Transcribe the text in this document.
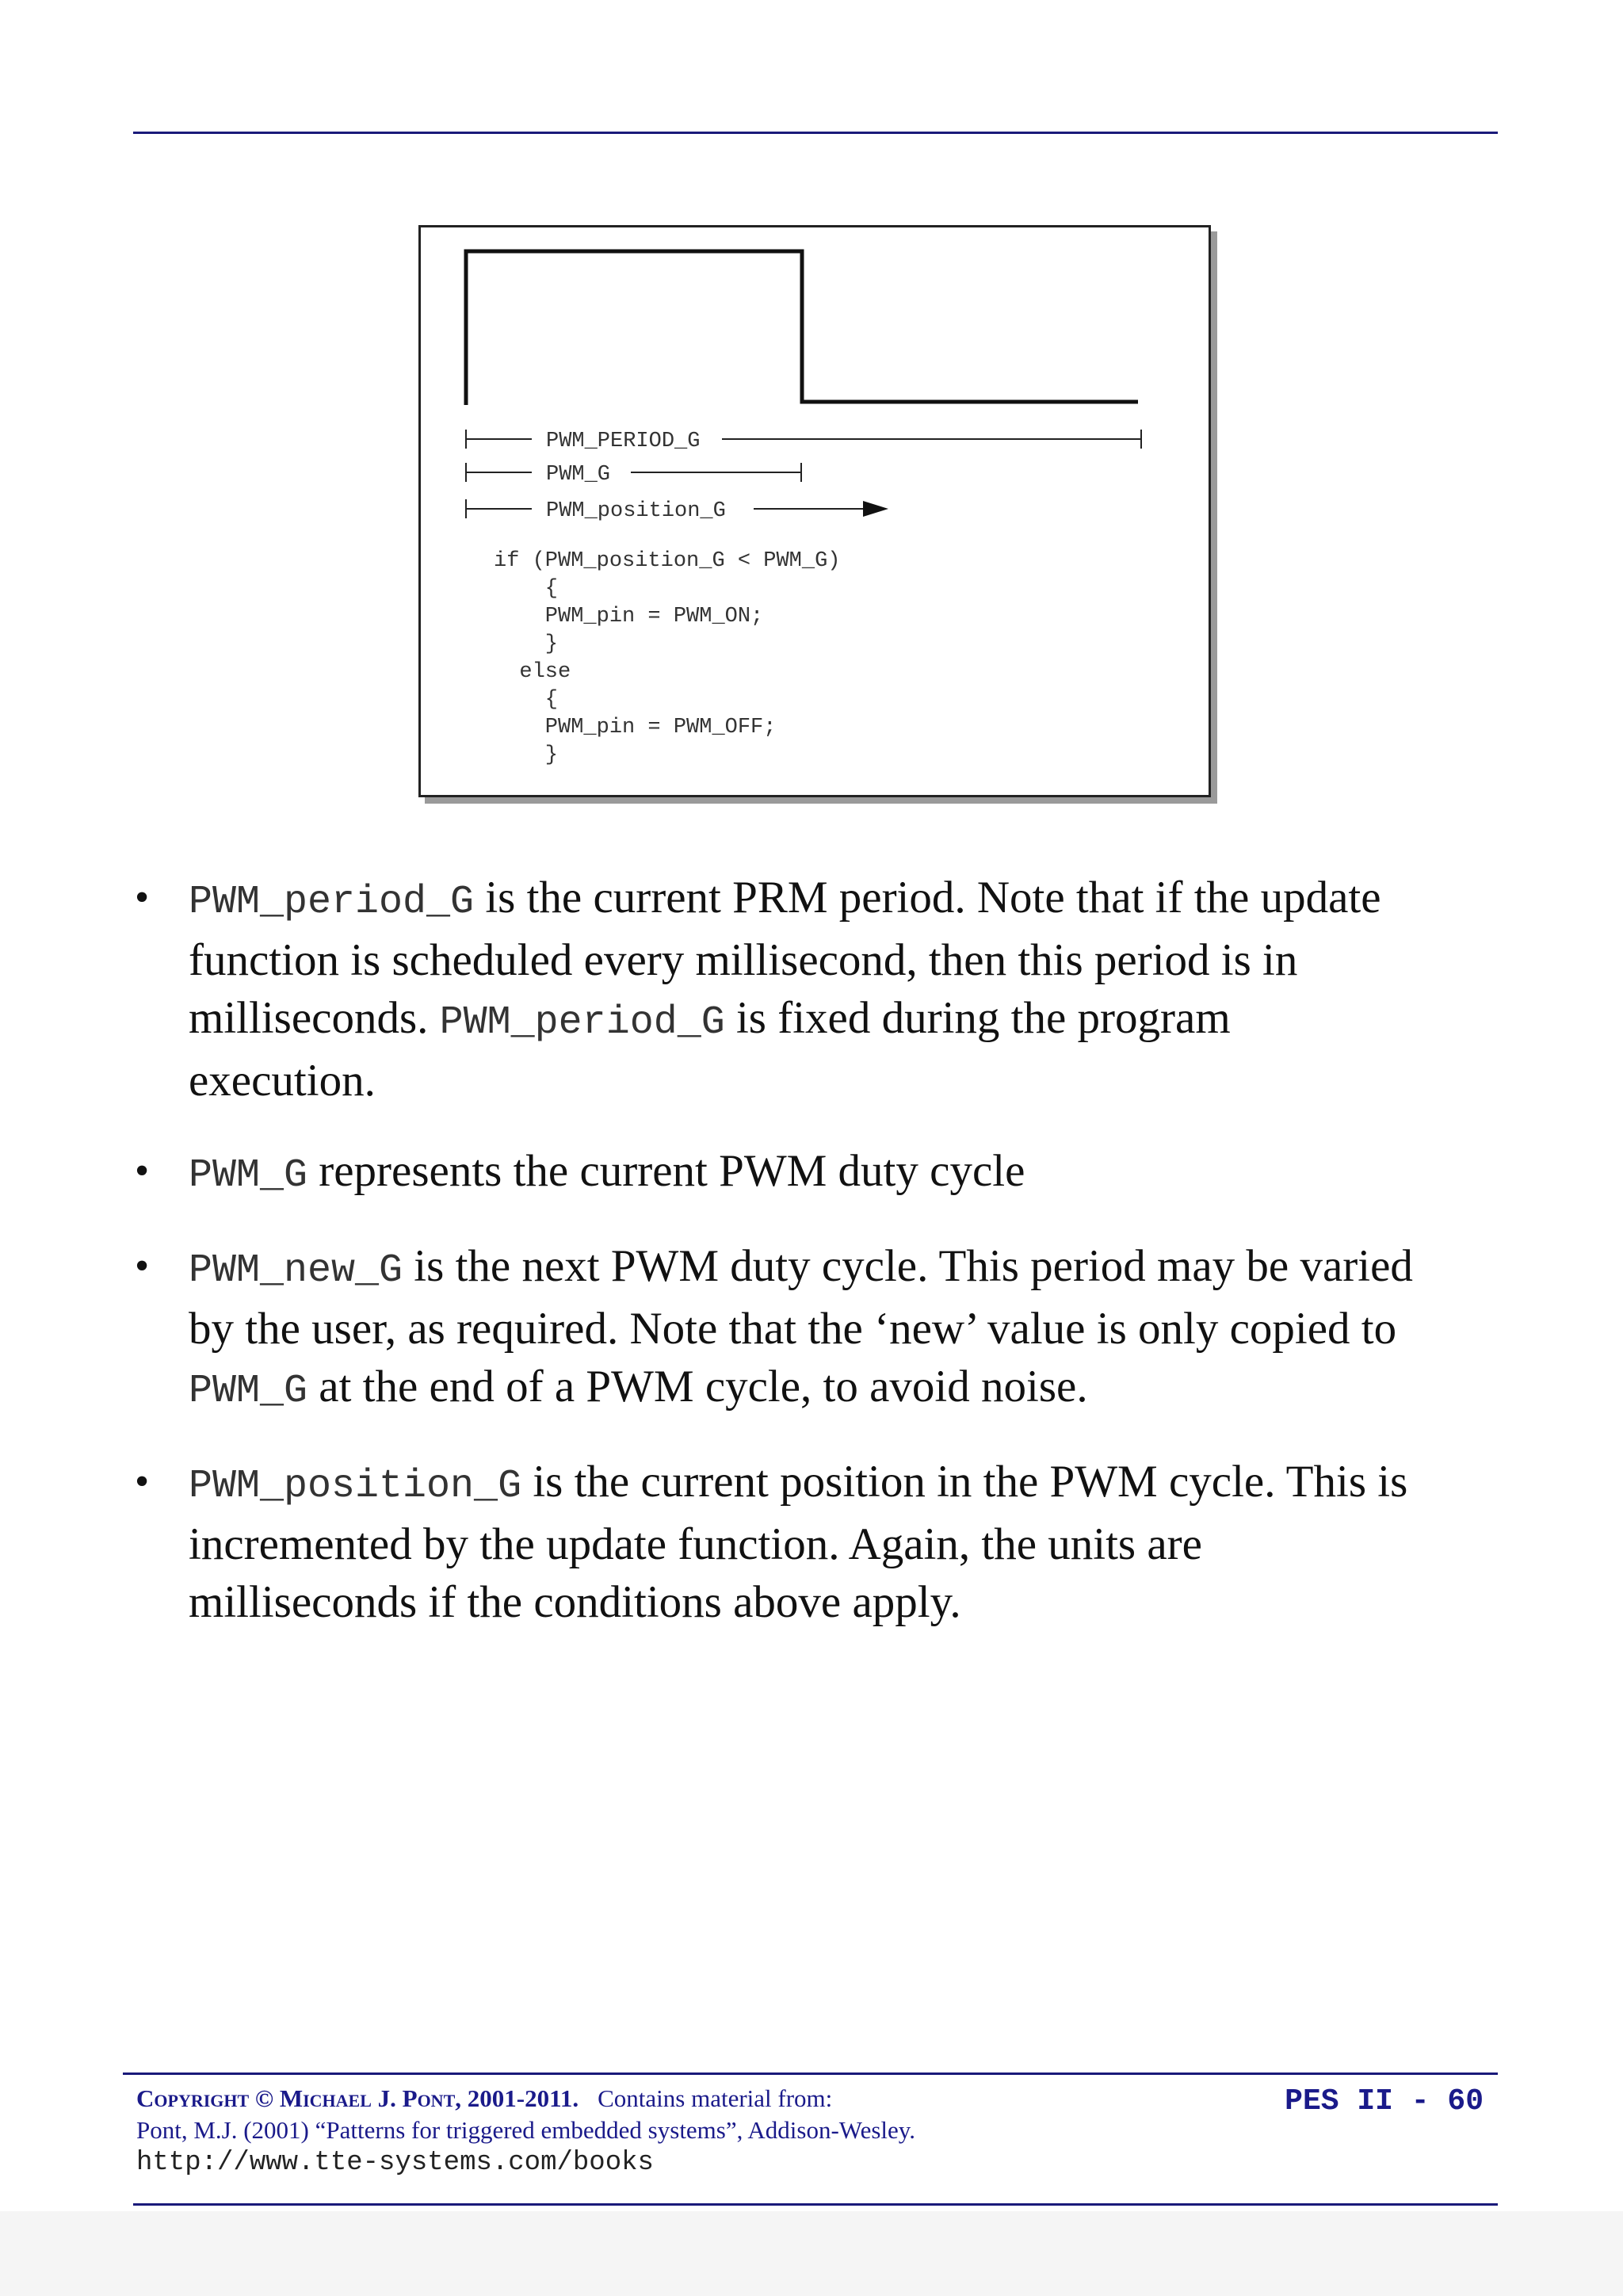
PWM_PERIOD_G
PWM_G
PWM_position_G
if (PWM_position_G < PWM_G)
{
PWM_pin = PWM_ON;
}
else
{
PWM_pin = PWM_OFF;
}
• PWM_period_G is the current PRM period. Note that if the update function is scheduled every millisecond, then this period is in milliseconds. PWM_period_G is fixed during the program execution.
• PWM_G represents the current PWM duty cycle
• PWM_new_G is the next PWM duty cycle. This period may be varied by the user, as required. Note that the ‘new’ value is only copied to PWM_G at the end of a PWM cycle, to avoid noise.
• PWM_position_G is the current position in the PWM cycle. This is incremented by the update function. Again, the units are milliseconds if the conditions above apply.
Copyright © Michael J. Pont, 2001-2011. Contains material from:
Pont, M.J. (2001) “Patterns for triggered embedded systems”, Addison-Wesley.
http://www.tte-systems.com/books
PES II - 60
